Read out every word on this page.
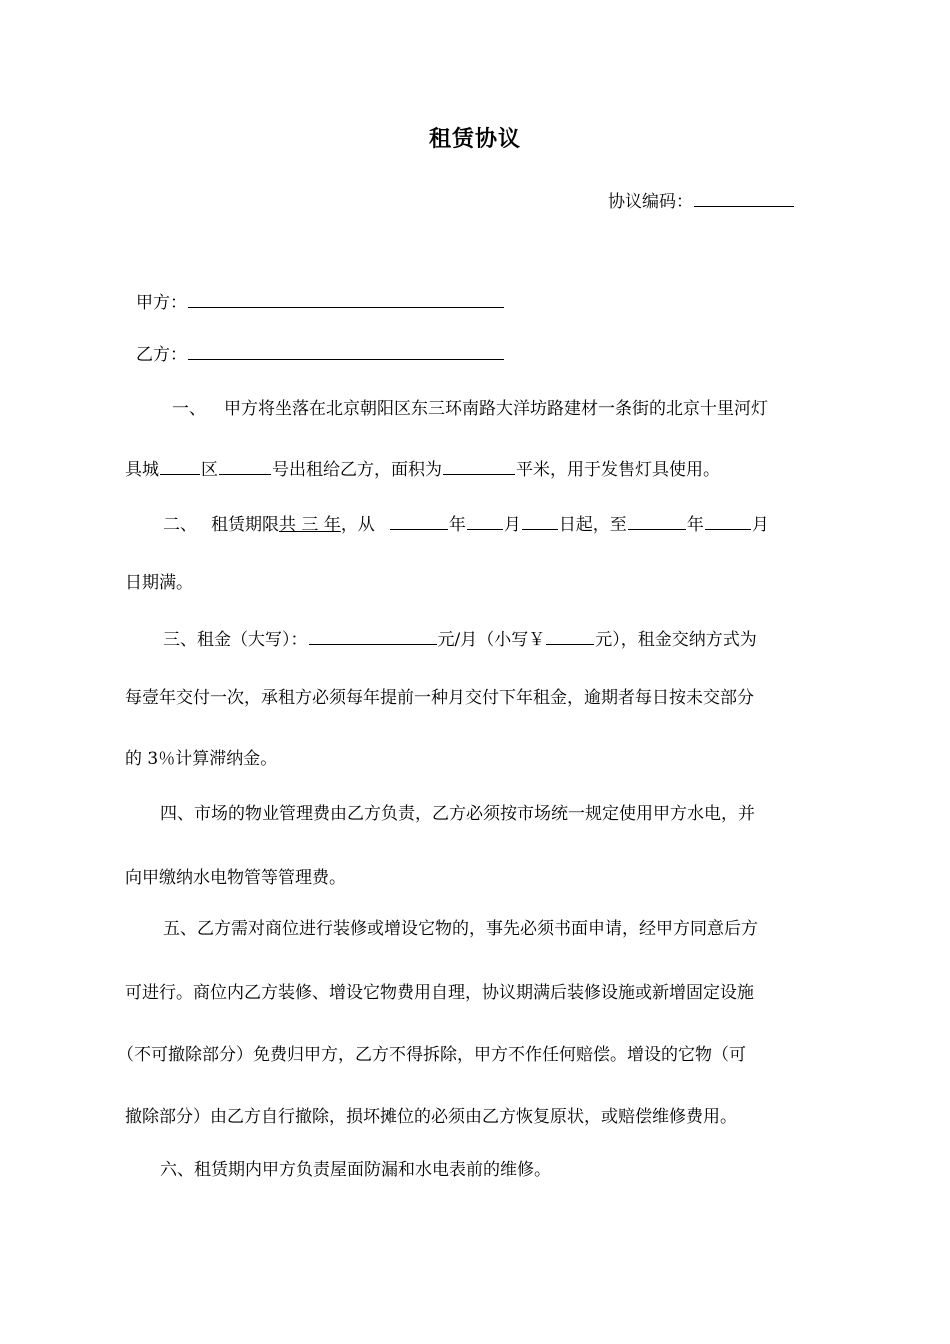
租赁协议
协议编码：
甲方：
乙方：
一、 甲方将坐落在北京朝阳区东三环南路大洋坊路建材一条街的北京十里河灯
具城 区	号出租给乙方，面积为	平米，用于发售灯具使用。
二、 租赁期限共 三 年，从	年 月 日起，至	年	月
日期满。
三、租金（大写）：	元/月（小写￥	元），租金交纳方式为
每壹年交付一次，承租方必须每年提前一种月交付下年租金，逾期者每日按未交部分
的 3％计算滞纳金。
四、市场的物业管理费由乙方负责，乙方必须按市场统一规定使用甲方水电，并
向甲缴纳水电物管等管理费。
五、乙方需对商位进行装修或增设它物的，事先必须书面申请，经甲方同意后方
可进行。商位内乙方装修、增设它物费用自理，协议期满后装修设施或新增固定设施
（不可撤除部分）免费归甲方，乙方不得拆除，甲方不作任何赔偿。增设的它物（可
撤除部分）由乙方自行撤除，损坏摊位的必须由乙方恢复原状，或赔偿维修费用。
六、租赁期内甲方负责屋面防漏和水电表前的维修。
